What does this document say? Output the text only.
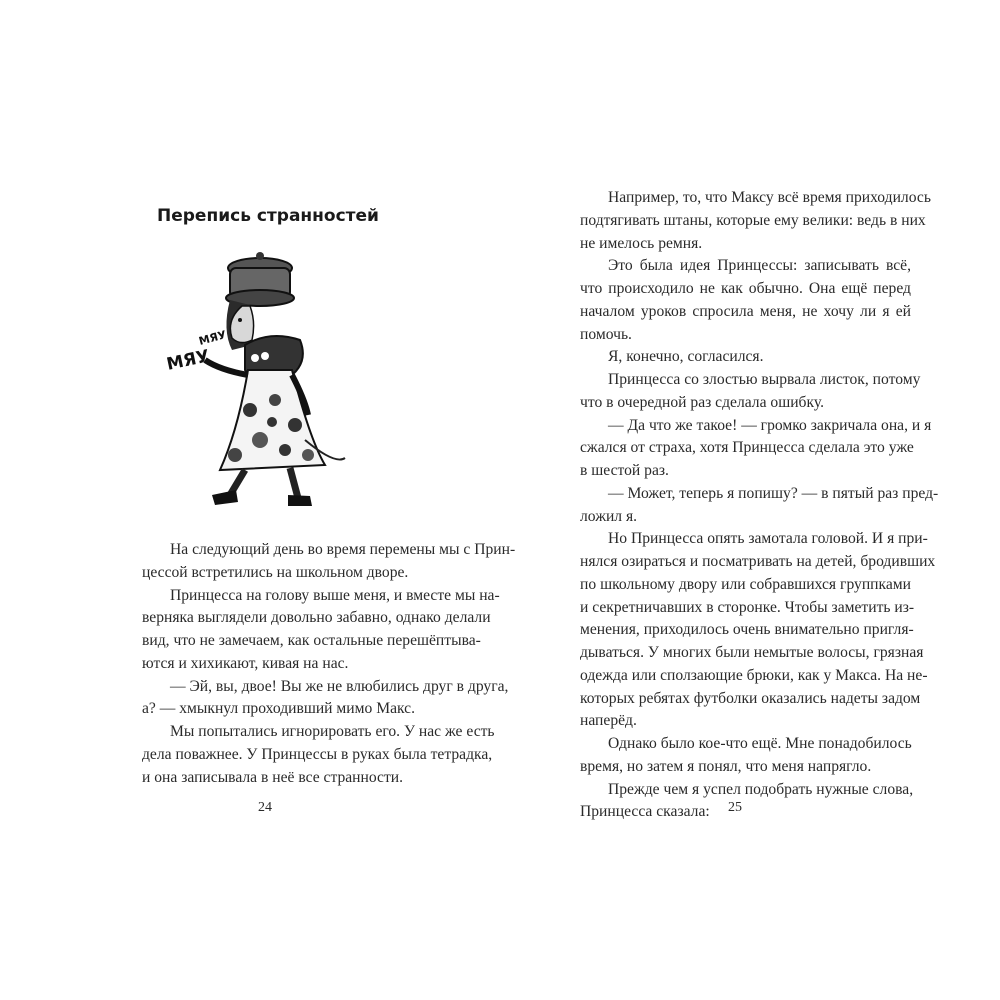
Перепись странностей
МЯУ
МЯУ
На следующий день во время перемены мы с Прин-
цессой встретились на школьном дворе.
Принцесса на голову выше меня, и вместе мы на-
верняка выглядели довольно забавно, однако делали
вид, что не замечаем, как остальные перешёптыва-
ются и хихикают, кивая на нас.
— Эй, вы, двое! Вы же не влюбились друг в друга,
а? — хмыкнул проходивший мимо Макс.
Мы попытались игнорировать его. У нас же есть
дела поважнее. У Принцессы в руках была тетрадка,
и она записывала в неё все странности.
24
Например, то, что Максу всё время приходилось
подтягивать штаны, которые ему велики: ведь в них
не имелось ремня.
Это была идея Принцессы: записывать всё,
что происходило не как обычно. Она ещё перед
началом уроков спросила меня, не хочу ли я ей
помочь.
Я, конечно, согласился.
Принцесса со злостью вырвала листок, потому
что в очередной раз сделала ошибку.
— Да что же такое! — громко закричала она, и я
сжался от страха, хотя Принцесса сделала это уже
в шестой раз.
— Может, теперь я попишу? — в пятый раз пред-
ложил я.
Но Принцесса опять замотала головой. И я при-
нялся озираться и посматривать на детей, бродивших
по школьному двору или собравшихся группками
и секретничавших в сторонке. Чтобы заметить из-
менения, приходилось очень внимательно пригля-
дываться. У многих были немытые волосы, грязная
одежда или сползающие брюки, как у Макса. На не-
которых ребятах футболки оказались надеты задом
наперёд.
Однако было кое-что ещё. Мне понадобилось
время, но затем я понял, что меня напрягло.
Прежде чем я успел подобрать нужные слова,
Принцесса сказала:	25
